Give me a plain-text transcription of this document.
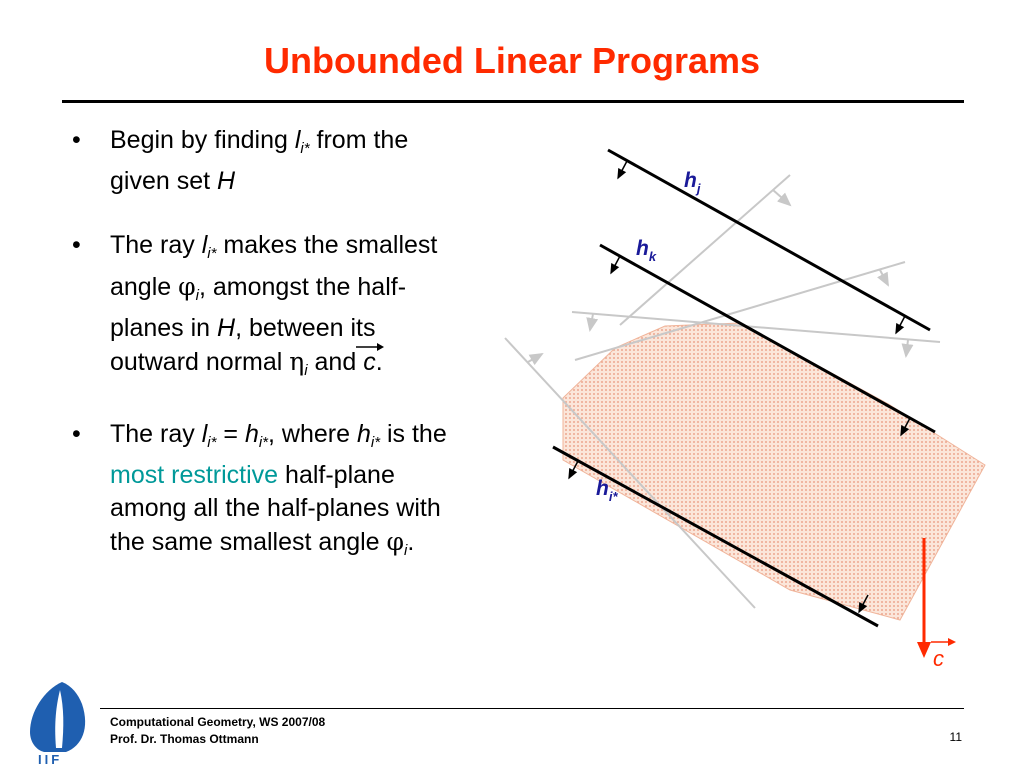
Unbounded Linear Programs
• Begin by finding $l_{i*}$ from the given set H
• The ray $l_{i*}$ makes the smallest angle $\varphi_i$, amongst the half-planes in H, between its outward normal $\eta_i$ and
c.
• The ray $l_{i*} = h_{i*}$, where $h_{i*}$ is the most restrictive half-plane among all the half-planes with the same smallest angle $\varphi_i$.
$h_j$
$h_k$
$h_{i*}$
c
IIF
Computational Geometry, WS 2007/08
Prof. Dr. Thomas Ottmann	11
